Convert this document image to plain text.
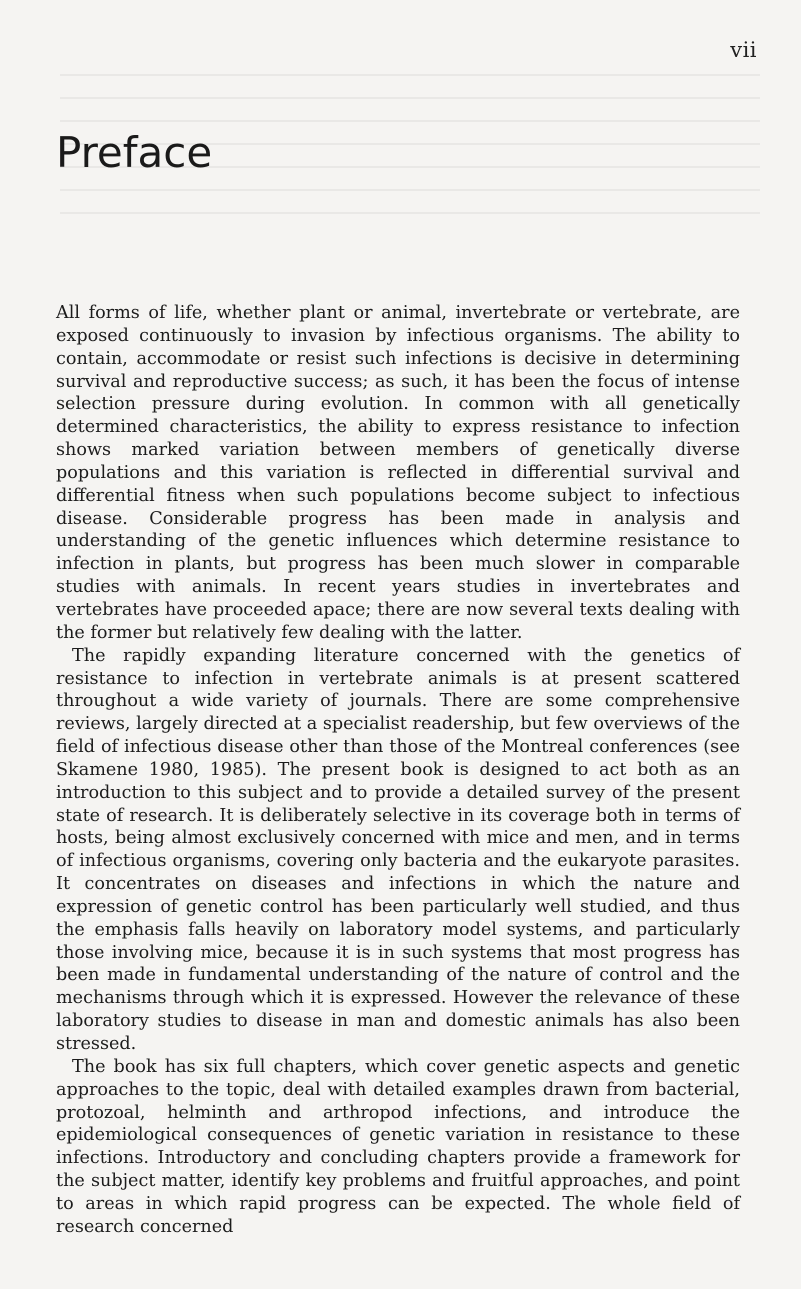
vii
Preface

All forms of life, whether plant or animal, invertebrate or vertebrate, are exposed continuously to invasion by infectious organisms. The ability to contain, accommodate or resist such infections is decisive in determining survival and reproductive success; as such, it has been the focus of intense selection pressure during evolution. In common with all genetically determined characteristics, the ability to express resistance to infection shows marked variation between members of genetically diverse populations and this variation is reflected in differential survival and differential fitness when such populations become subject to infectious disease. Considerable progress has been made in analysis and understanding of the genetic influences which determine resistance to infection in plants, but progress has been much slower in comparable studies with animals. In recent years studies in invertebrates and vertebrates have proceeded apace; there are now several texts dealing with the former but relatively few dealing with the latter.

The rapidly expanding literature concerned with the genetics of resistance to infection in vertebrate animals is at present scattered throughout a wide variety of journals. There are some comprehensive reviews, largely directed at a specialist readership, but few overviews of the field of infectious disease other than those of the Montreal conferences (see Skamene 1980, 1985). The present book is designed to act both as an introduction to this subject and to provide a detailed survey of the present state of research. It is deliberately selective in its coverage both in terms of hosts, being almost exclusively concerned with mice and men, and in terms of infectious organisms, covering only bacteria and the eukaryote parasites. It concentrates on diseases and infections in which the nature and expression of genetic control has been particularly well studied, and thus the emphasis falls heavily on laboratory model systems, and particularly those involving mice, because it is in such systems that most progress has been made in fundamental understanding of the nature of control and the mechanisms through which it is expressed. However the relevance of these laboratory studies to disease in man and domestic animals has also been stressed.

The book has six full chapters, which cover genetic aspects and genetic approaches to the topic, deal with detailed examples drawn from bacterial, protozoal, helminth and arthropod infections, and introduce the epidemiological consequences of genetic variation in resistance to these infections. Introductory and concluding chapters provide a framework for the subject matter, identify key problems and fruitful approaches, and point to areas in which rapid progress can be expected. The whole field of research concerned
